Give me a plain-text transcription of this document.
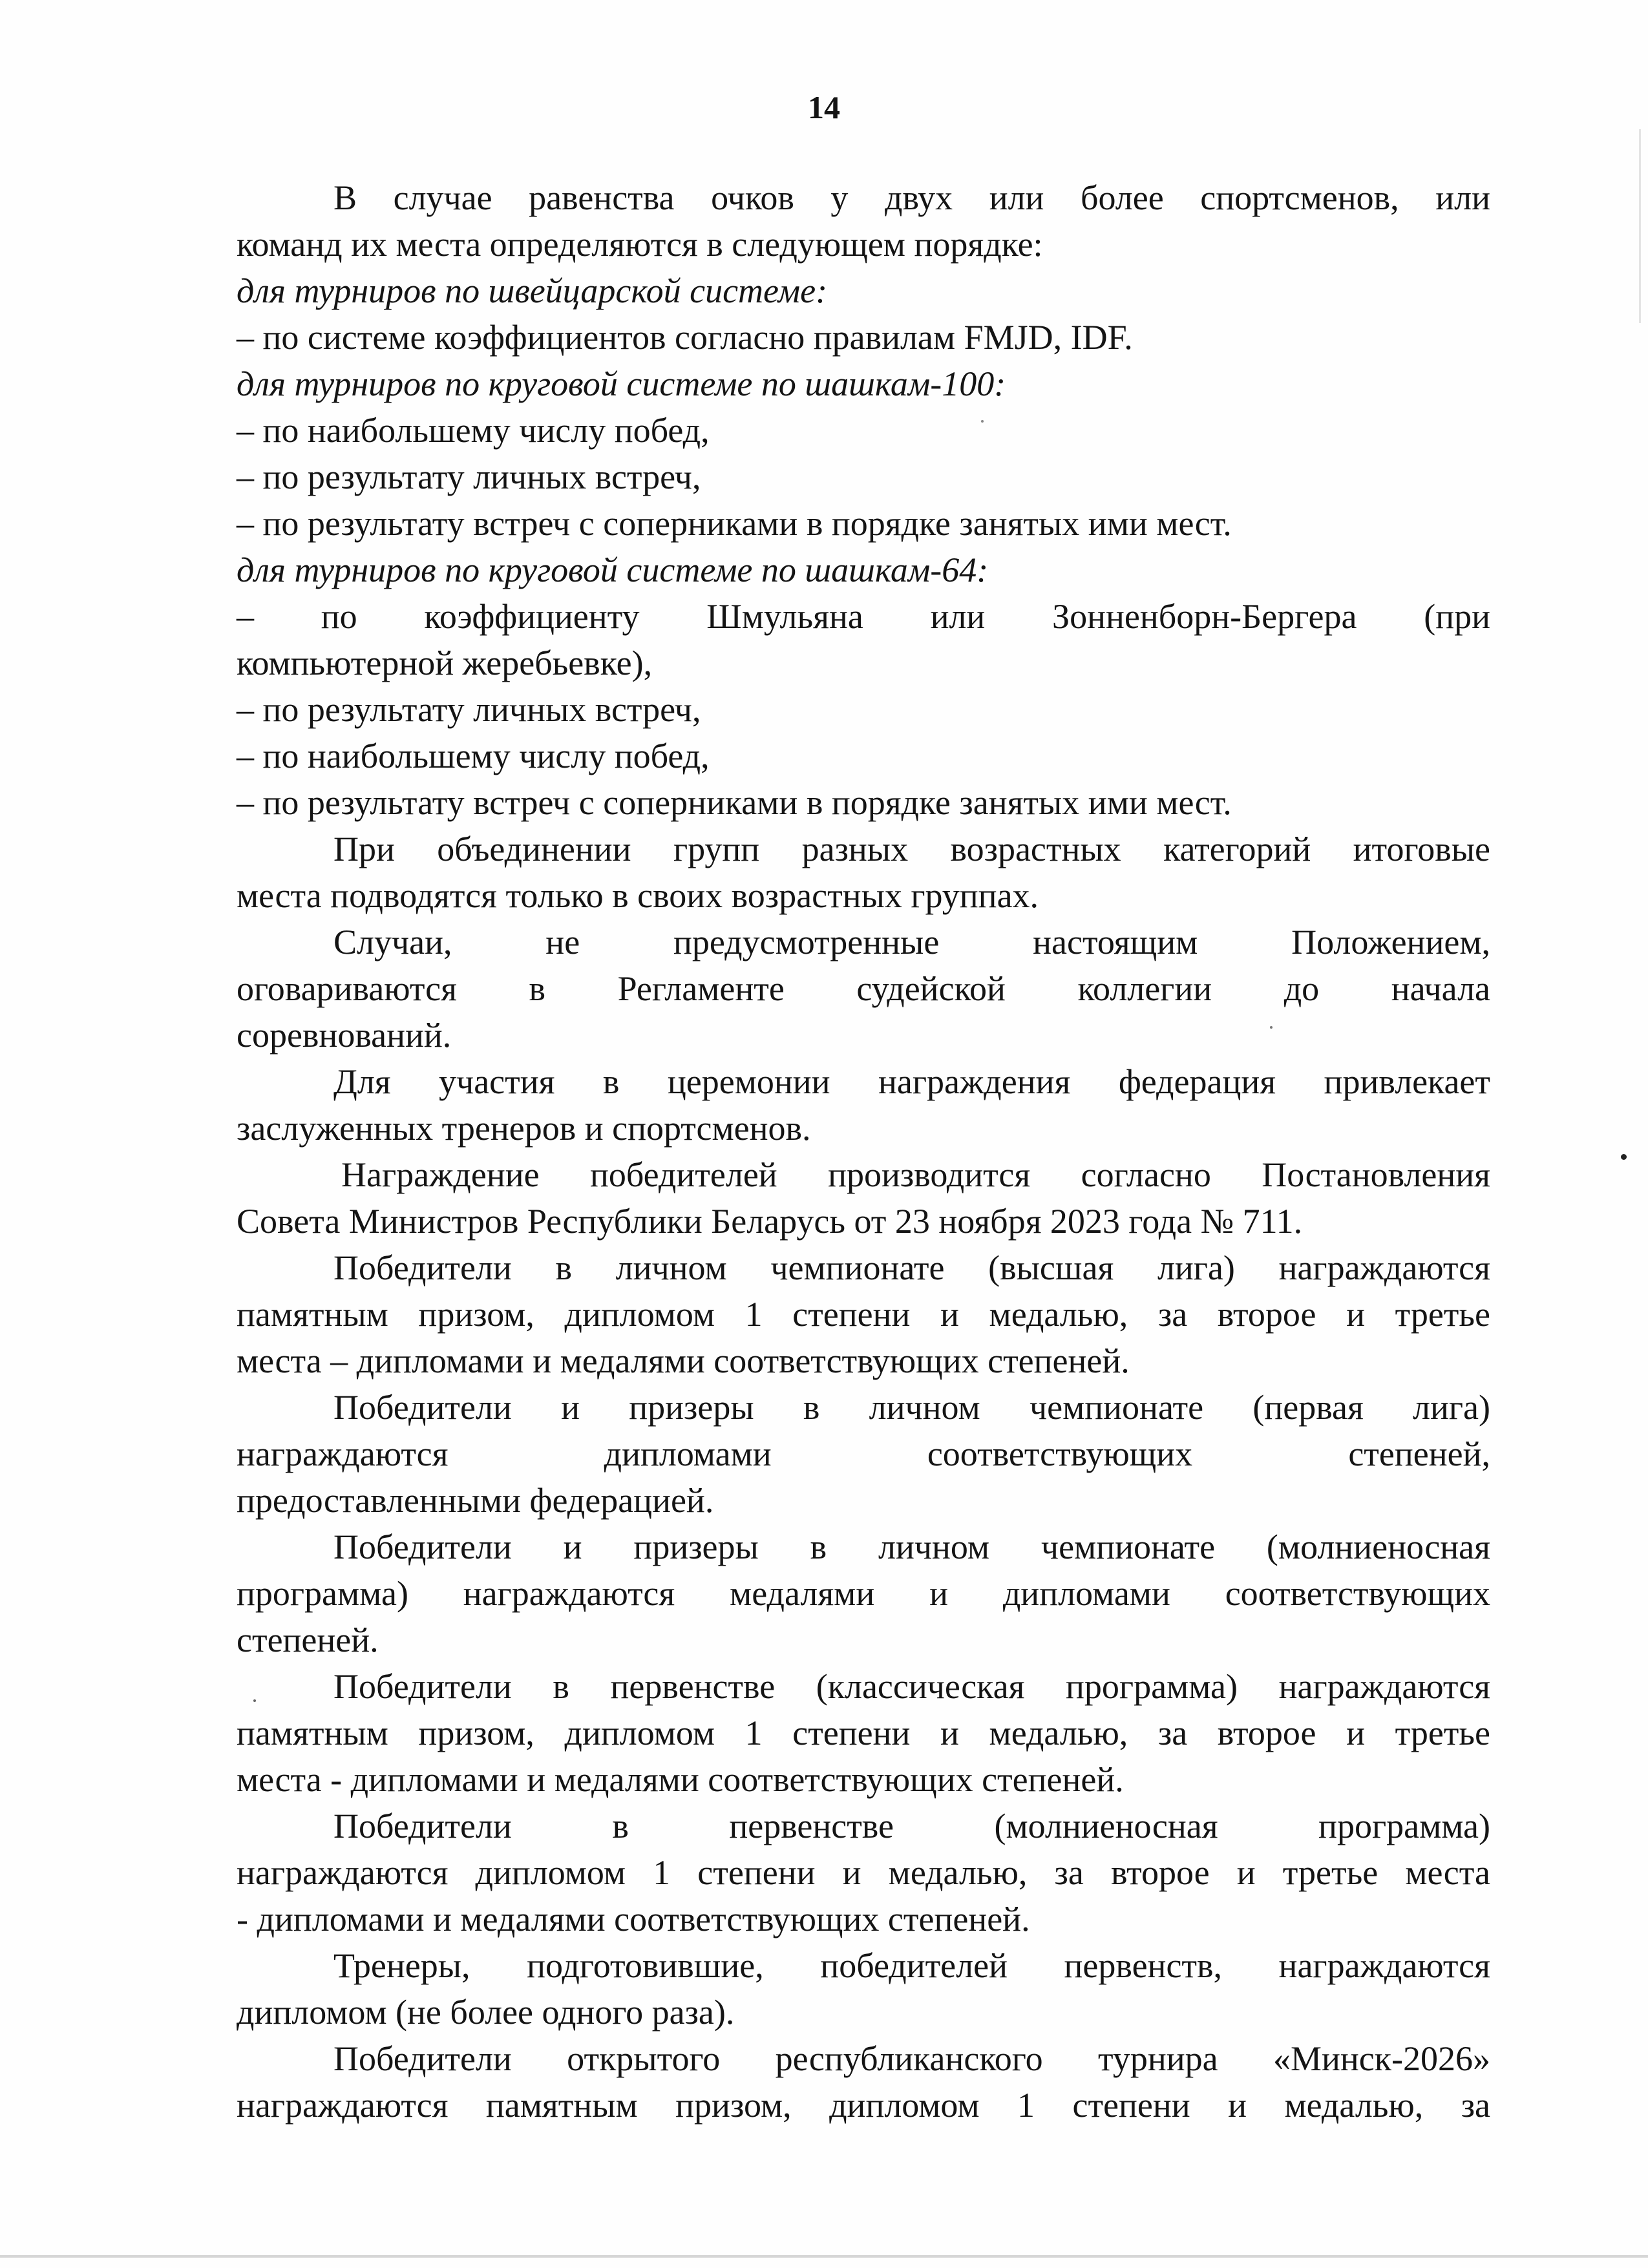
14
В случае равенства очков у двух или более спортсменов, или
команд их места определяются в следующем порядке:
для турниров по швейцарской системе:
– по системе коэффициентов согласно правилам FMJD, IDF.
для турниров по круговой системе по шашкам-100:
– по наибольшему числу побед,
– по результату личных встреч,
– по результату встреч с соперниками в порядке занятых ими мест.
для турниров по круговой системе по шашкам-64:
– по коэффициенту Шмульяна или Зонненборн-Бергера (при
компьютерной жеребьевке),
– по результату личных встреч,
– по наибольшему числу побед,
– по результату встреч с соперниками в порядке занятых ими мест.
При объединении групп разных возрастных категорий итоговые
места подводятся только в своих возрастных группах.
Случаи, не предусмотренные настоящим Положением,
оговариваются в Регламенте судейской коллегии до начала
соревнований.
Для участия в церемонии награждения федерация привлекает
заслуженных тренеров и спортсменов.
Награждение победителей производится согласно Постановления
Совета Министров Республики Беларусь от 23 ноября 2023 года № 711.
Победители в личном чемпионате (высшая лига) награждаются
памятным призом, дипломом 1 степени и медалью, за второе и третье
места – дипломами и медалями соответствующих степеней.
Победители и призеры в личном чемпионате (первая лига)
награждаются дипломами соответствующих степеней,
предоставленными федерацией.
Победители и призеры в личном чемпионате (молниеносная
программа) награждаются медалями и дипломами соответствующих
степеней.
Победители в первенстве (классическая программа) награждаются
памятным призом, дипломом 1 степени и медалью, за второе и третье
места - дипломами и медалями соответствующих степеней.
Победители в первенстве (молниеносная программа)
награждаются дипломом 1 степени и медалью, за второе и третье места
- дипломами и медалями соответствующих степеней.
Тренеры, подготовившие, победителей первенств, награждаются
дипломом (не более одного раза).
Победители открытого республиканского турнира «Минск-2026»
награждаются памятным призом, дипломом 1 степени и медалью, за
